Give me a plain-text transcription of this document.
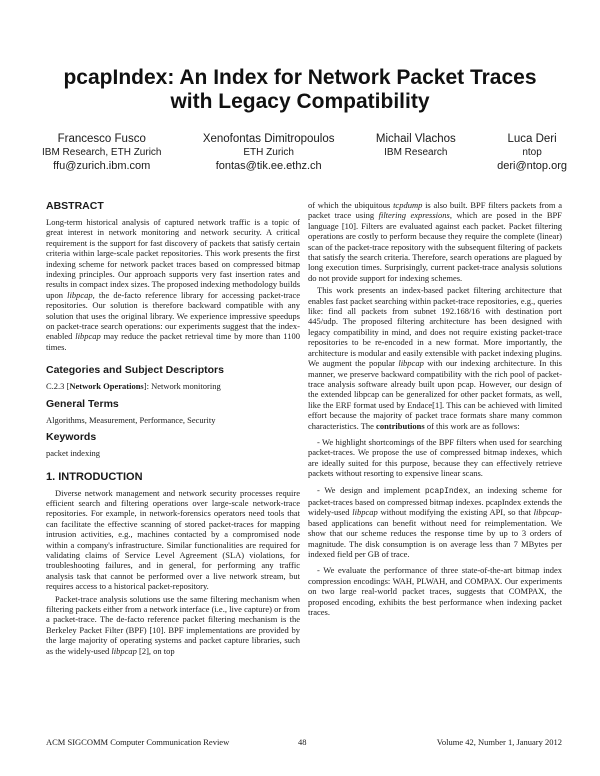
pcapIndex: An Index for Network Packet Traces
with Legacy Compatibility
Francesco Fusco
IBM Research, ETH Zurich
ffu@zurich.ibm.com
Xenofontas Dimitropoulos
ETH Zurich
fontas@tik.ee.ethz.ch
Michail Vlachos
IBM Research
Luca Deri
ntop
deri@ntop.org
ABSTRACT

Long-term historical analysis of captured network traffic is a topic of great interest in network monitoring and network security. A critical requirement is the support for fast discovery of packets that satisfy certain criteria within large-scale packet repositories. This work presents the first indexing scheme for network packet traces based on compressed bitmap indexing principles. Our approach supports very fast insertion rates and results in compact index sizes. The proposed indexing methodology builds upon libpcap, the de-facto reference library for accessing packet-trace repositories. Our solution is therefore backward compatible with any solution that uses the original library. We experience impressive speedups on packet-trace search operations: our experiments suggest that the index-enabled libpcap may reduce the packet retrieval time by more than 1100 times.

Categories and Subject Descriptors

C.2.3 [Network Operations]: Network monitoring

General Terms

Algorithms, Measurement, Performance, Security

Keywords

packet indexing

1. INTRODUCTION

Diverse network management and network security processes require efficient search and filtering operations over large-scale network-trace repositories. For example, in network-forensics operators need tools that can facilitate the effective scanning of stored packet-traces for mapping intrusion activities, e.g., machines contacted by a compromised node within a company's infrastructure. Similar functionalities are required for validating claims of Service Level Agreement (SLA) violations, for troubleshooting failures, and in general, for performing any traffic analysis task that cannot be performed over a live network stream, but requires access to a historical packet-repository.

Packet-trace analysis solutions use the same filtering mechanism when filtering packets either from a network interface (i.e., live capture) or from a packet-trace. The de-facto reference packet filtering mechanism is the Berkeley Packet Filter (BPF) [10]. BPF implementations are provided by the large majority of operating systems and packet capture libraries, such as the widely-used libpcap [2], on top

of which the ubiquitous tcpdump is also built. BPF filters packets from a packet trace using filtering expressions, which are posed in the BPF language [10]. Filters are evaluated against each packet. Packet filtering operations are costly to perform because they require the complete (linear) scan of the packet-trace repository with the subsequent filtering of packets that satisfy the search criteria. Therefore, search operations are plagued by long execution times. Surprisingly, current packet-trace analysis solutions do not provide support for indexing schemes.

This work presents an index-based packet filtering architecture that enables fast packet searching within packet-trace repositories, e.g., queries like: find all packets from subnet 192.168/16 with destination port 445/udp. The proposed filtering architecture has been designed with legacy compatibility in mind, and does not require existing packet-trace repositories to be re-encoded in a new format. More importantly, the architecture is modular and easily extensible with packet indexing plugins. We augment the popular libpcap with our indexing architecture. In this manner, we preserve backward compatibility with the rich pool of packet-trace analysis software already built upon pcap. However, our design of the extended libpcap can be generalized for other packet formats, as well, like the ERF format used by Endace[1]. This can be achieved with limited effort because the majority of packet trace formats share many common characteristics. The contributions of this work are as follows:

- We highlight shortcomings of the BPF filters when used for searching packet-traces. We propose the use of compressed bitmap indexes, which are ideally suited for this purpose, because they can effectively retrieve packets without resorting to expensive linear scans.

- We design and implement pcapIndex, an indexing scheme for packet-traces based on compressed bitmap indexes. pcapIndex extends the widely-used libpcap without modifying the existing API, so that libpcap-based applications can benefit without need for reimplementation. We show that our scheme reduces the response time by up to 3 orders of magnitude. The disk consumption is on average less than 7 MBytes per indexed field per GB of trace.

- We evaluate the performance of three state-of-the-art bitmap index compression encodings: WAH, PLWAH, and COMPAX. Our experiments on two large real-world packet traces, suggests that COMPAX, the proposed encoding, exhibits the best performance when indexing packet traces.

ACM SIGCOMM Computer Communication Review	48	Volume 42, Number 1, January 2012
